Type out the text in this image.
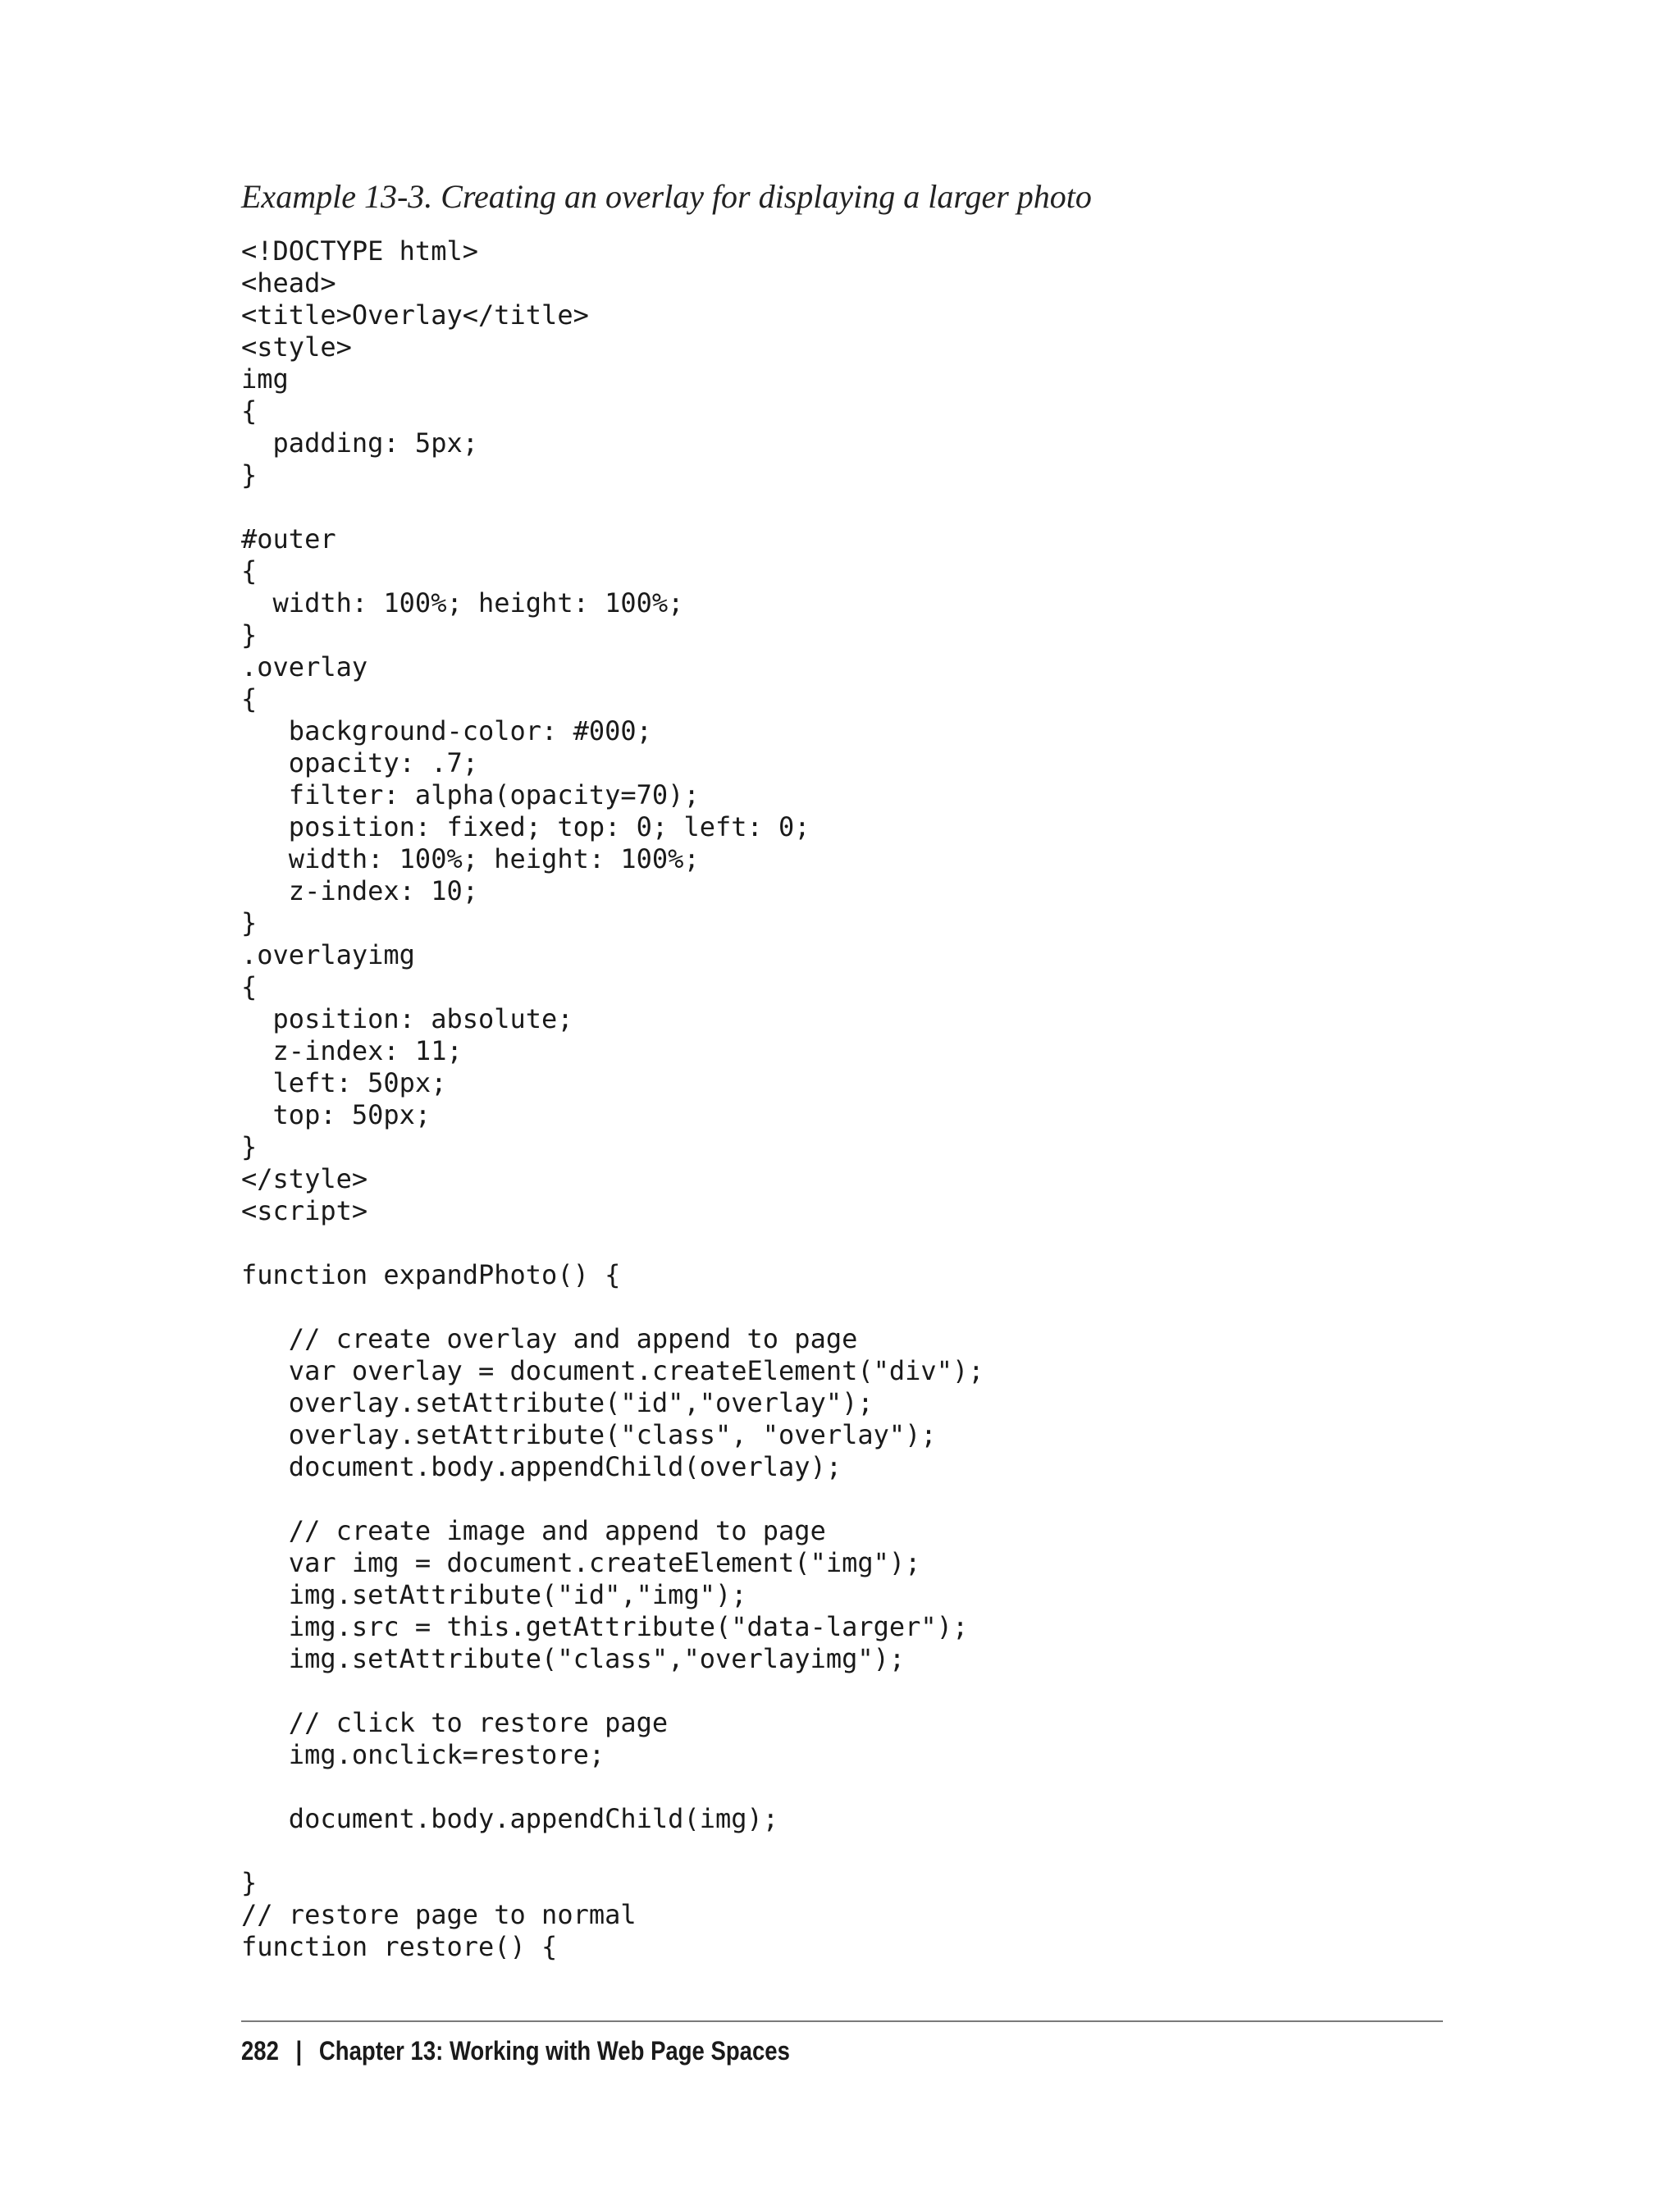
Example 13-3. Creating an overlay for displaying a larger photo
<!DOCTYPE html>
<head>
<title>Overlay</title>
<style>
img
{
padding: 5px;
}
#outer
{
width: 100%; height: 100%;
}
.overlay
{
background-color: #000;
opacity: .7;
filter: alpha(opacity=70);
position: fixed; top: 0; left: 0;
width: 100%; height: 100%;
z-index: 10;
}
.overlayimg
{
position: absolute;
z-index: 11;
left: 50px;
top: 50px;
}
</style>
<script>
function expandPhoto() {
// create overlay and append to page
var overlay = document.createElement("div");
overlay.setAttribute("id","overlay");
overlay.setAttribute("class", "overlay");
document.body.appendChild(overlay);
// create image and append to page
var img = document.createElement("img");
img.setAttribute("id","img");
img.src = this.getAttribute("data-larger");
img.setAttribute("class","overlayimg");
// click to restore page
img.onclick=restore;
document.body.appendChild(img);
}
// restore page to normal
function restore() {
282 | Chapter 13: Working with Web Page Spaces
